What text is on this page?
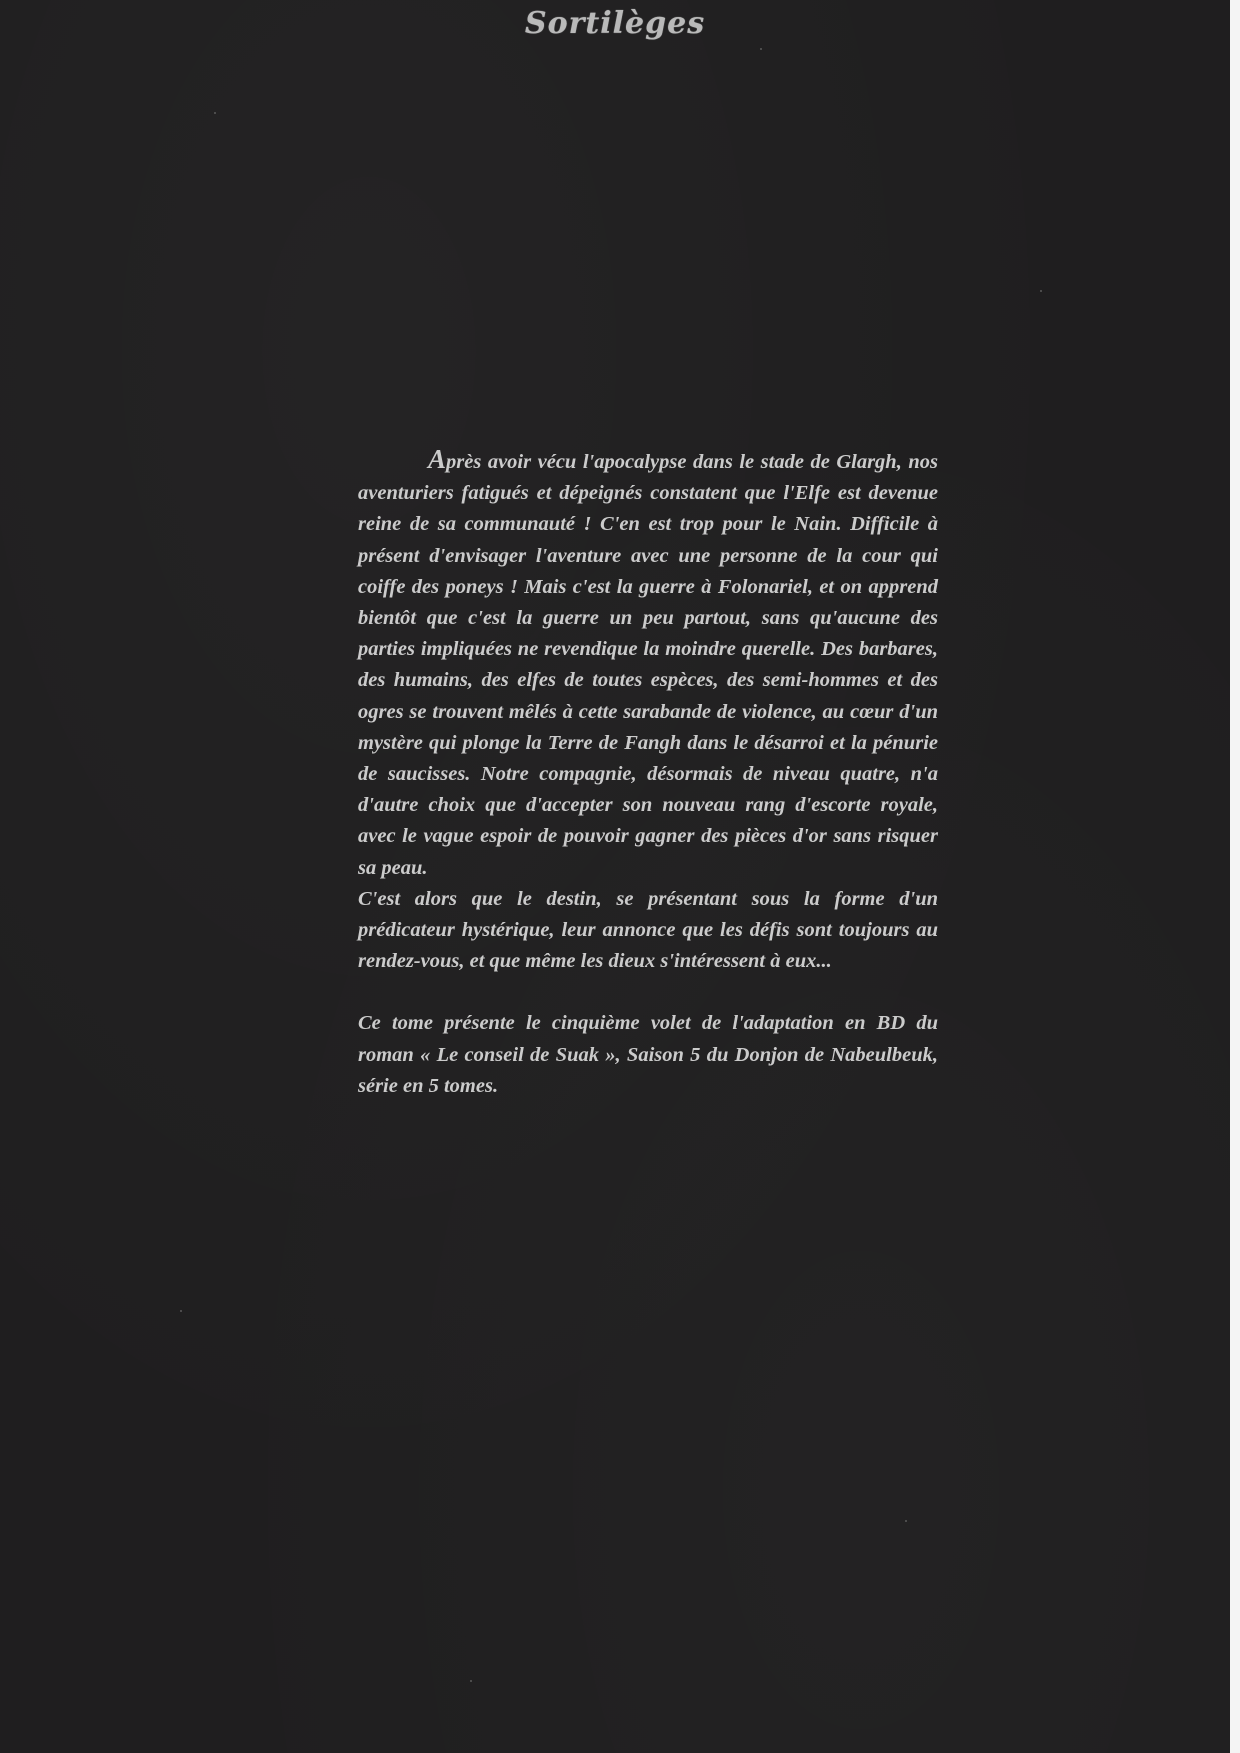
Sortilèges

Après avoir vécu l'apocalypse dans le stade de Glargh, nos aventuriers fatigués et dépeignés constatent que l'Elfe est devenue reine de sa communauté ! C'en est trop pour le Nain. Difficile à présent d'envisager l'aventure avec une personne de la cour qui coiffe des poneys ! Mais c'est la guerre à Folonariel, et on apprend bientôt que c'est la guerre un peu partout, sans qu'aucune des parties impliquées ne revendique la moindre querelle. Des barbares, des humains, des elfes de toutes espèces, des semi-hommes et des ogres se trouvent mêlés à cette sarabande de violence, au cœur d'un mystère qui plonge la Terre de Fangh dans le désarroi et la pénurie de saucisses. Notre compagnie, désormais de niveau quatre, n'a d'autre choix que d'accepter son nouveau rang d'escorte royale, avec le vague espoir de pouvoir gagner des pièces d'or sans risquer sa peau.

C'est alors que le destin, se présentant sous la forme d'un prédicateur hystérique, leur annonce que les défis sont toujours au rendez-vous, et que même les dieux s'intéressent à eux...

Ce tome présente le cinquième volet de l'adaptation en BD du roman « Le conseil de Suak », Saison 5 du Donjon de Nabeulbeuk, série en 5 tomes.
